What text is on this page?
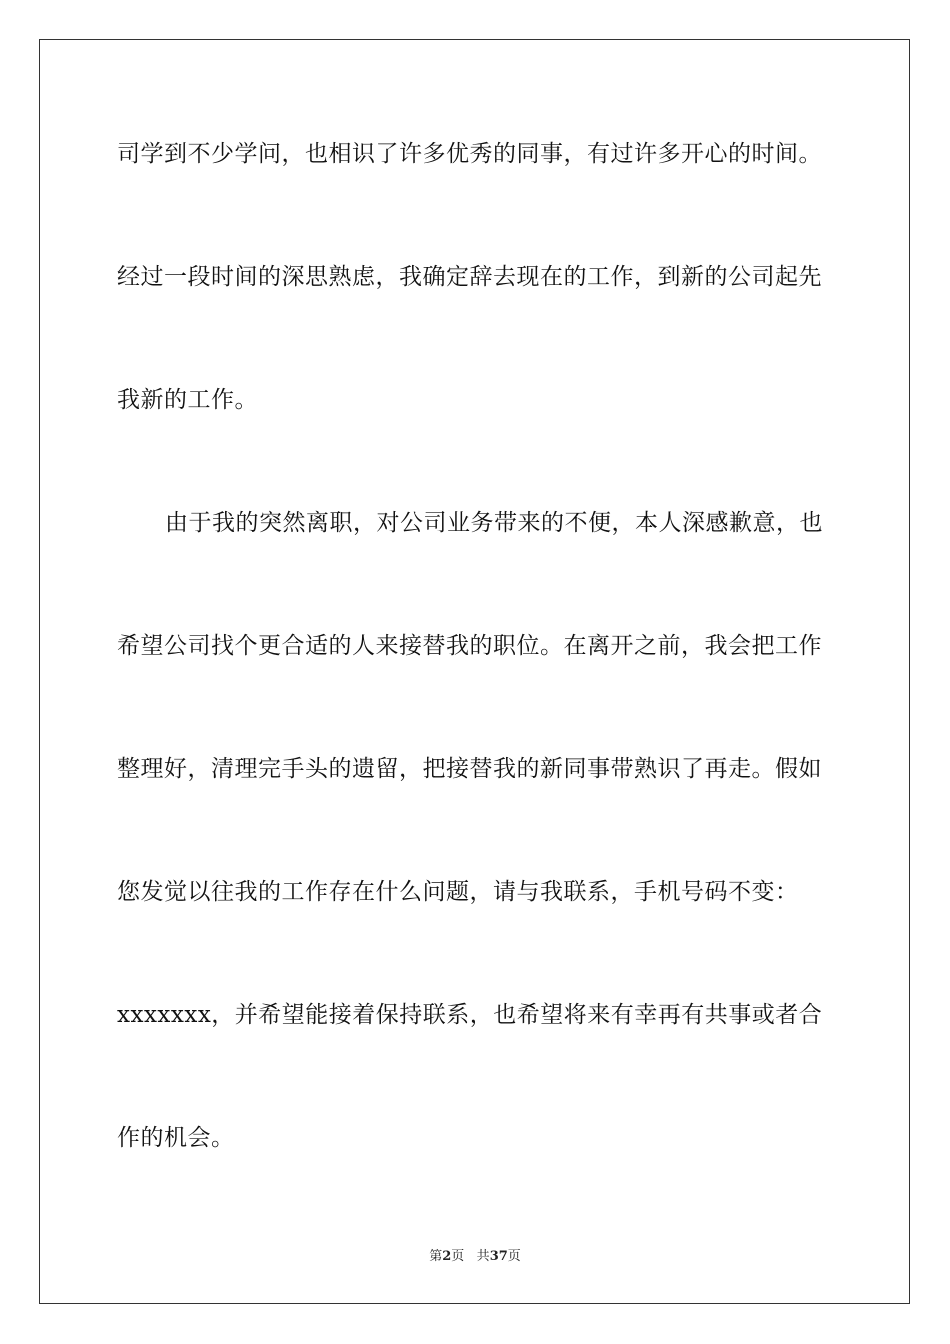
司学到不少学问，也相识了许多优秀的同事，有过许多开心的时间。
经过一段时间的深思熟虑，我确定辞去现在的工作，到新的公司起先
我新的工作。
由于我的突然离职，对公司业务带来的不便，本人深感歉意，也
希望公司找个更合适的人来接替我的职位。在离开之前，我会把工作
整理好，清理完手头的遗留，把接替我的新同事带熟识了再走。假如
您发觉以往我的工作存在什么问题，请与我联系，手机号码不变：
xxxxxxx，并希望能接着保持联系，也希望将来有幸再有共事或者合
作的机会。
第2页 共37页
